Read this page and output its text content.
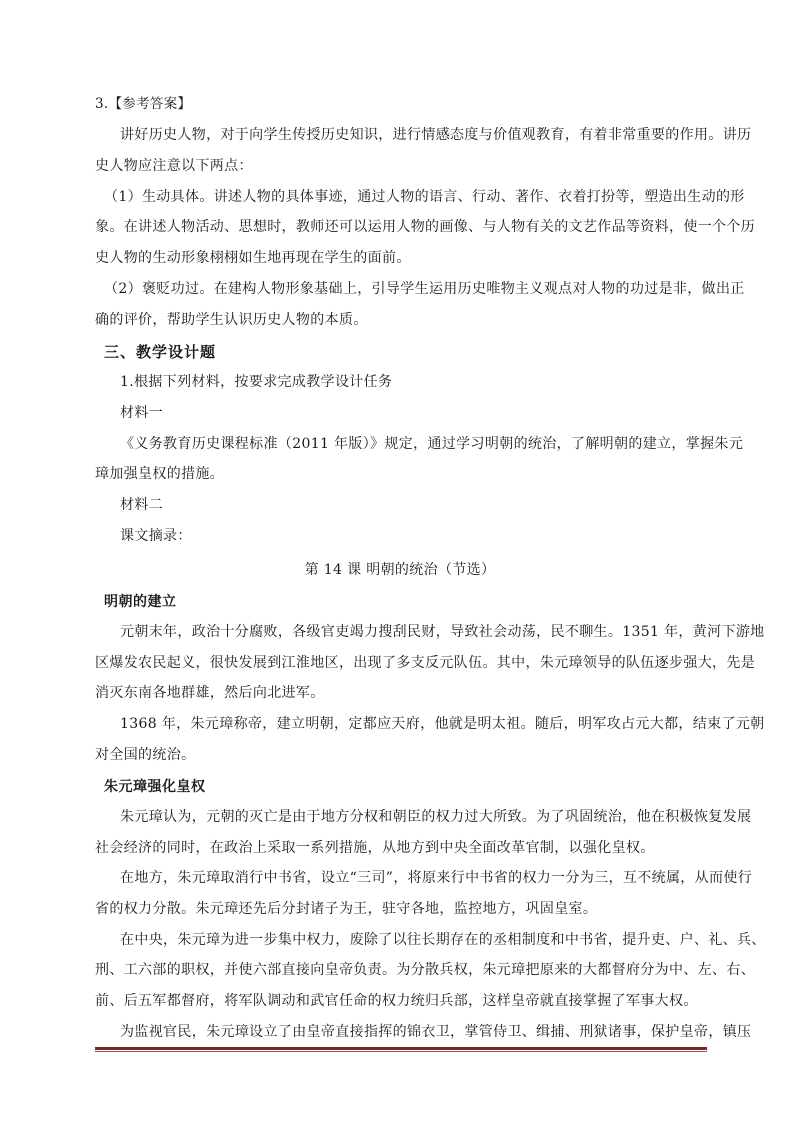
3.【参考答案】
讲好历史人物，对于向学生传授历史知识，进行情感态度与价值观教育，有着非常重要的作用。讲历
史人物应注意以下两点：
（1）生动具体。讲述人物的具体事迹，通过人物的语言、行动、著作、衣着打扮等，塑造出生动的形
象。在讲述人物活动、思想时，教师还可以运用人物的画像、与人物有关的文艺作品等资料，使一个个历
史人物的生动形象栩栩如生地再现在学生的面前。
（2）褒贬功过。在建构人物形象基础上，引导学生运用历史唯物主义观点对人物的功过是非，做出正
确的评价，帮助学生认识历史人物的本质。
三、教学设计题
1.根据下列材料，按要求完成教学设计任务
材料一
《义务教育历史课程标准（2011 年版）》规定，通过学习明朝的统治，了解明朝的建立，掌握朱元
璋加强皇权的措施。
材料二
课文摘录：
第 14 课 明朝的统治（节选）
明朝的建立
元朝末年，政治十分腐败，各级官吏竭力搜刮民财，导致社会动荡，民不聊生。1351 年，黄河下游地
区爆发农民起义，很快发展到江淮地区，出现了多支反元队伍。其中，朱元璋领导的队伍逐步强大，先是
消灭东南各地群雄，然后向北进军。
1368 年，朱元璋称帝，建立明朝，定都应天府，他就是明太祖。随后，明军攻占元大都，结束了元朝
对全国的统治。
朱元璋强化皇权
朱元璋认为，元朝的灭亡是由于地方分权和朝臣的权力过大所致。为了巩固统治，他在积极恢复发展
社会经济的同时，在政治上采取一系列措施，从地方到中央全面改革官制，以强化皇权。
在地方，朱元璋取消行中书省，设立“三司”，将原来行中书省的权力一分为三，互不统属，从而使行
省的权力分散。朱元璋还先后分封诸子为王，驻守各地，监控地方，巩固皇室。
在中央，朱元璋为进一步集中权力，废除了以往长期存在的丞相制度和中书省，提升吏、户、礼、兵、
刑、工六部的职权，并使六部直接向皇帝负责。为分散兵权，朱元璋把原来的大都督府分为中、左、右、
前、后五军都督府，将军队调动和武官任命的权力统归兵部，这样皇帝就直接掌握了军事大权。
为监视官民，朱元璋设立了由皇帝直接指挥的锦衣卫，掌管侍卫、缉捕、刑狱诸事，保护皇帝，镇压
